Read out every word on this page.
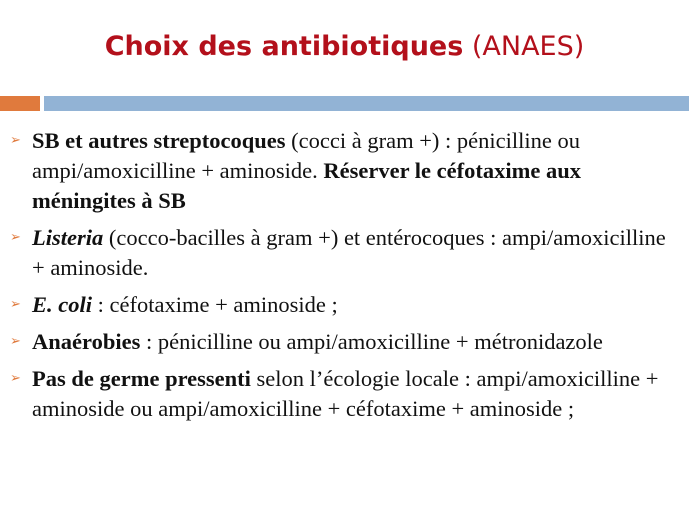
Choix des antibiotiques (ANAES)
➢ SB et autres streptocoques (cocci à gram +) : pénicilline ou ampi/amoxicilline + aminoside. Réserver le céfotaxime aux méningites à SB
➢ Listeria (cocco-bacilles à gram +) et entérocoques : ampi/amoxicilline + aminoside.
➢ E. coli : céfotaxime + aminoside ;
➢ Anaérobies : pénicilline ou ampi/amoxicilline + métronidazole
➢ Pas de germe pressenti selon l’écologie locale : ampi/amoxicilline + aminoside ou ampi/amoxicilline + céfotaxime + aminoside ;
